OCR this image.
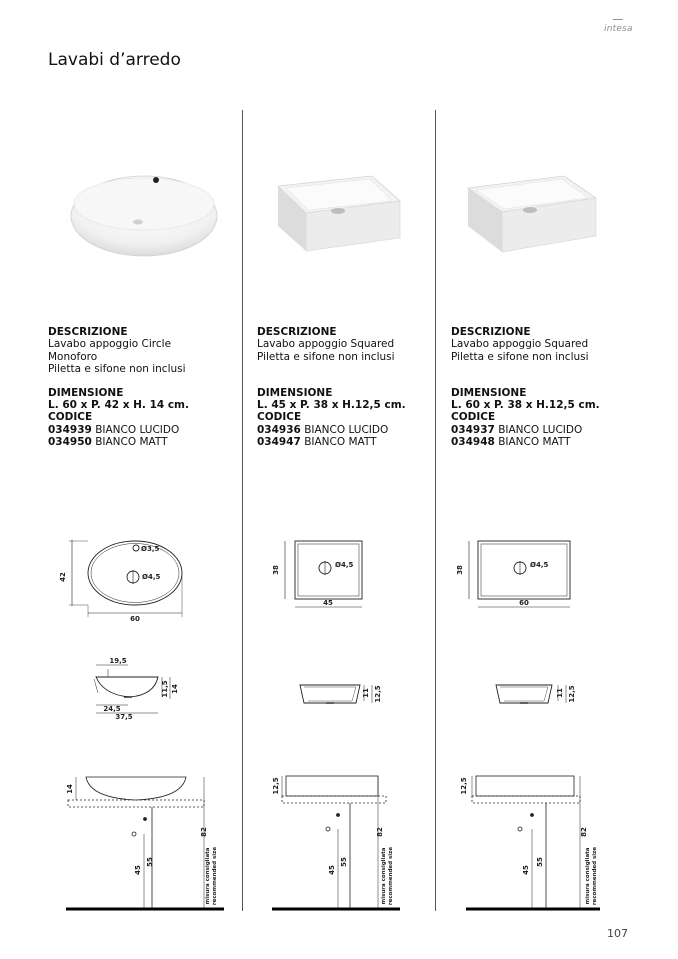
intesa
Lavabi d’arredo
DESCRIZIONE
Lavabo appoggio Circle
Monoforo
Piletta e sifone non inclusi
DIMENSIONE
L. 60 x P. 42 x H. 14 cm.
CODICE
034939 BIANCO LUCIDO
034950 BIANCO MATT
DESCRIZIONE
Lavabo appoggio Squared
Piletta e sifone non inclusi

DIMENSIONE
L. 45 x P. 38 x H.12,5 cm.
CODICE
034936 BIANCO LUCIDO
034947 BIANCO MATT
DESCRIZIONE
Lavabo appoggio Squared
Piletta e sifone non inclusi

DIMENSIONE
L. 60 x P. 38 x H.12,5 cm.
CODICE
034937 BIANCO LUCIDO
034948 BIANCO MATT
42
60
Ø3,5
Ø4,5
38
45
Ø4,5
38
60
Ø4,5
19,5
24,5
37,5
11,5 14	11 12,5	11 12,5
14
45
55
82
misura consigliata recommended size
12,5
45
55
82
misura consigliata recommended size
12,5
45
55
82
misura consigliata recommended size
107
